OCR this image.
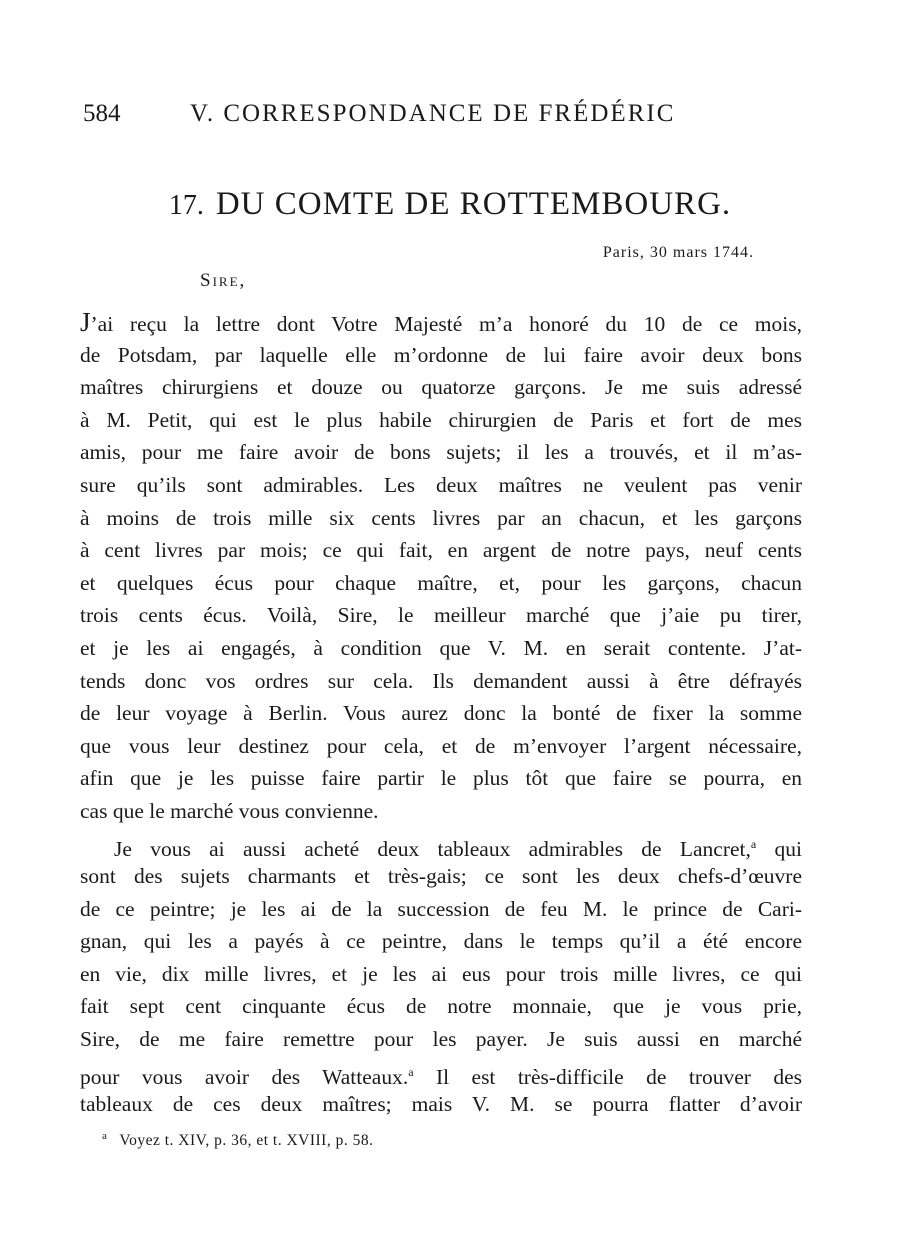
584	V. CORRESPONDANCE DE FRÉDÉRIC
17. DU COMTE DE ROTTEMBOURG.
Paris, 30 mars 1744.
Sire,
J’ai reçu la lettre dont Votre Majesté m’a honoré du 10 de ce mois,
de Potsdam, par laquelle elle m’ordonne de lui faire avoir deux bons
maîtres chirurgiens et douze ou quatorze garçons. Je me suis adressé
à M. Petit, qui est le plus habile chirurgien de Paris et fort de mes
amis, pour me faire avoir de bons sujets; il les a trouvés, et il m’as-
sure qu’ils sont admirables. Les deux maîtres ne veulent pas venir
à moins de trois mille six cents livres par an chacun, et les garçons
à cent livres par mois; ce qui fait, en argent de notre pays, neuf cents
et quelques écus pour chaque maître, et, pour les garçons, chacun
trois cents écus. Voilà, Sire, le meilleur marché que j’aie pu tirer,
et je les ai engagés, à condition que V. M. en serait contente. J’at-
tends donc vos ordres sur cela. Ils demandent aussi à être défrayés
de leur voyage à Berlin. Vous aurez donc la bonté de fixer la somme
que vous leur destinez pour cela, et de m’envoyer l’argent nécessaire,
afin que je les puisse faire partir le plus tôt que faire se pourra, en
cas que le marché vous convienne.
Je vous ai aussi acheté deux tableaux admirables de Lancret,$^a$ qui
sont des sujets charmants et très-gais; ce sont les deux chefs-d’œuvre
de ce peintre; je les ai de la succession de feu M. le prince de Cari-
gnan, qui les a payés à ce peintre, dans le temps qu’il a été encore
en vie, dix mille livres, et je les ai eus pour trois mille livres, ce qui
fait sept cent cinquante écus de notre monnaie, que je vous prie,
Sire, de me faire remettre pour les payer. Je suis aussi en marché
pour vous avoir des Watteaux.$^a$ Il est très-difficile de trouver des
tableaux de ces deux maîtres; mais V. M. se pourra flatter d’avoir
$^a$ Voyez t. XIV, p. 36, et t. XVIII, p. 58.
